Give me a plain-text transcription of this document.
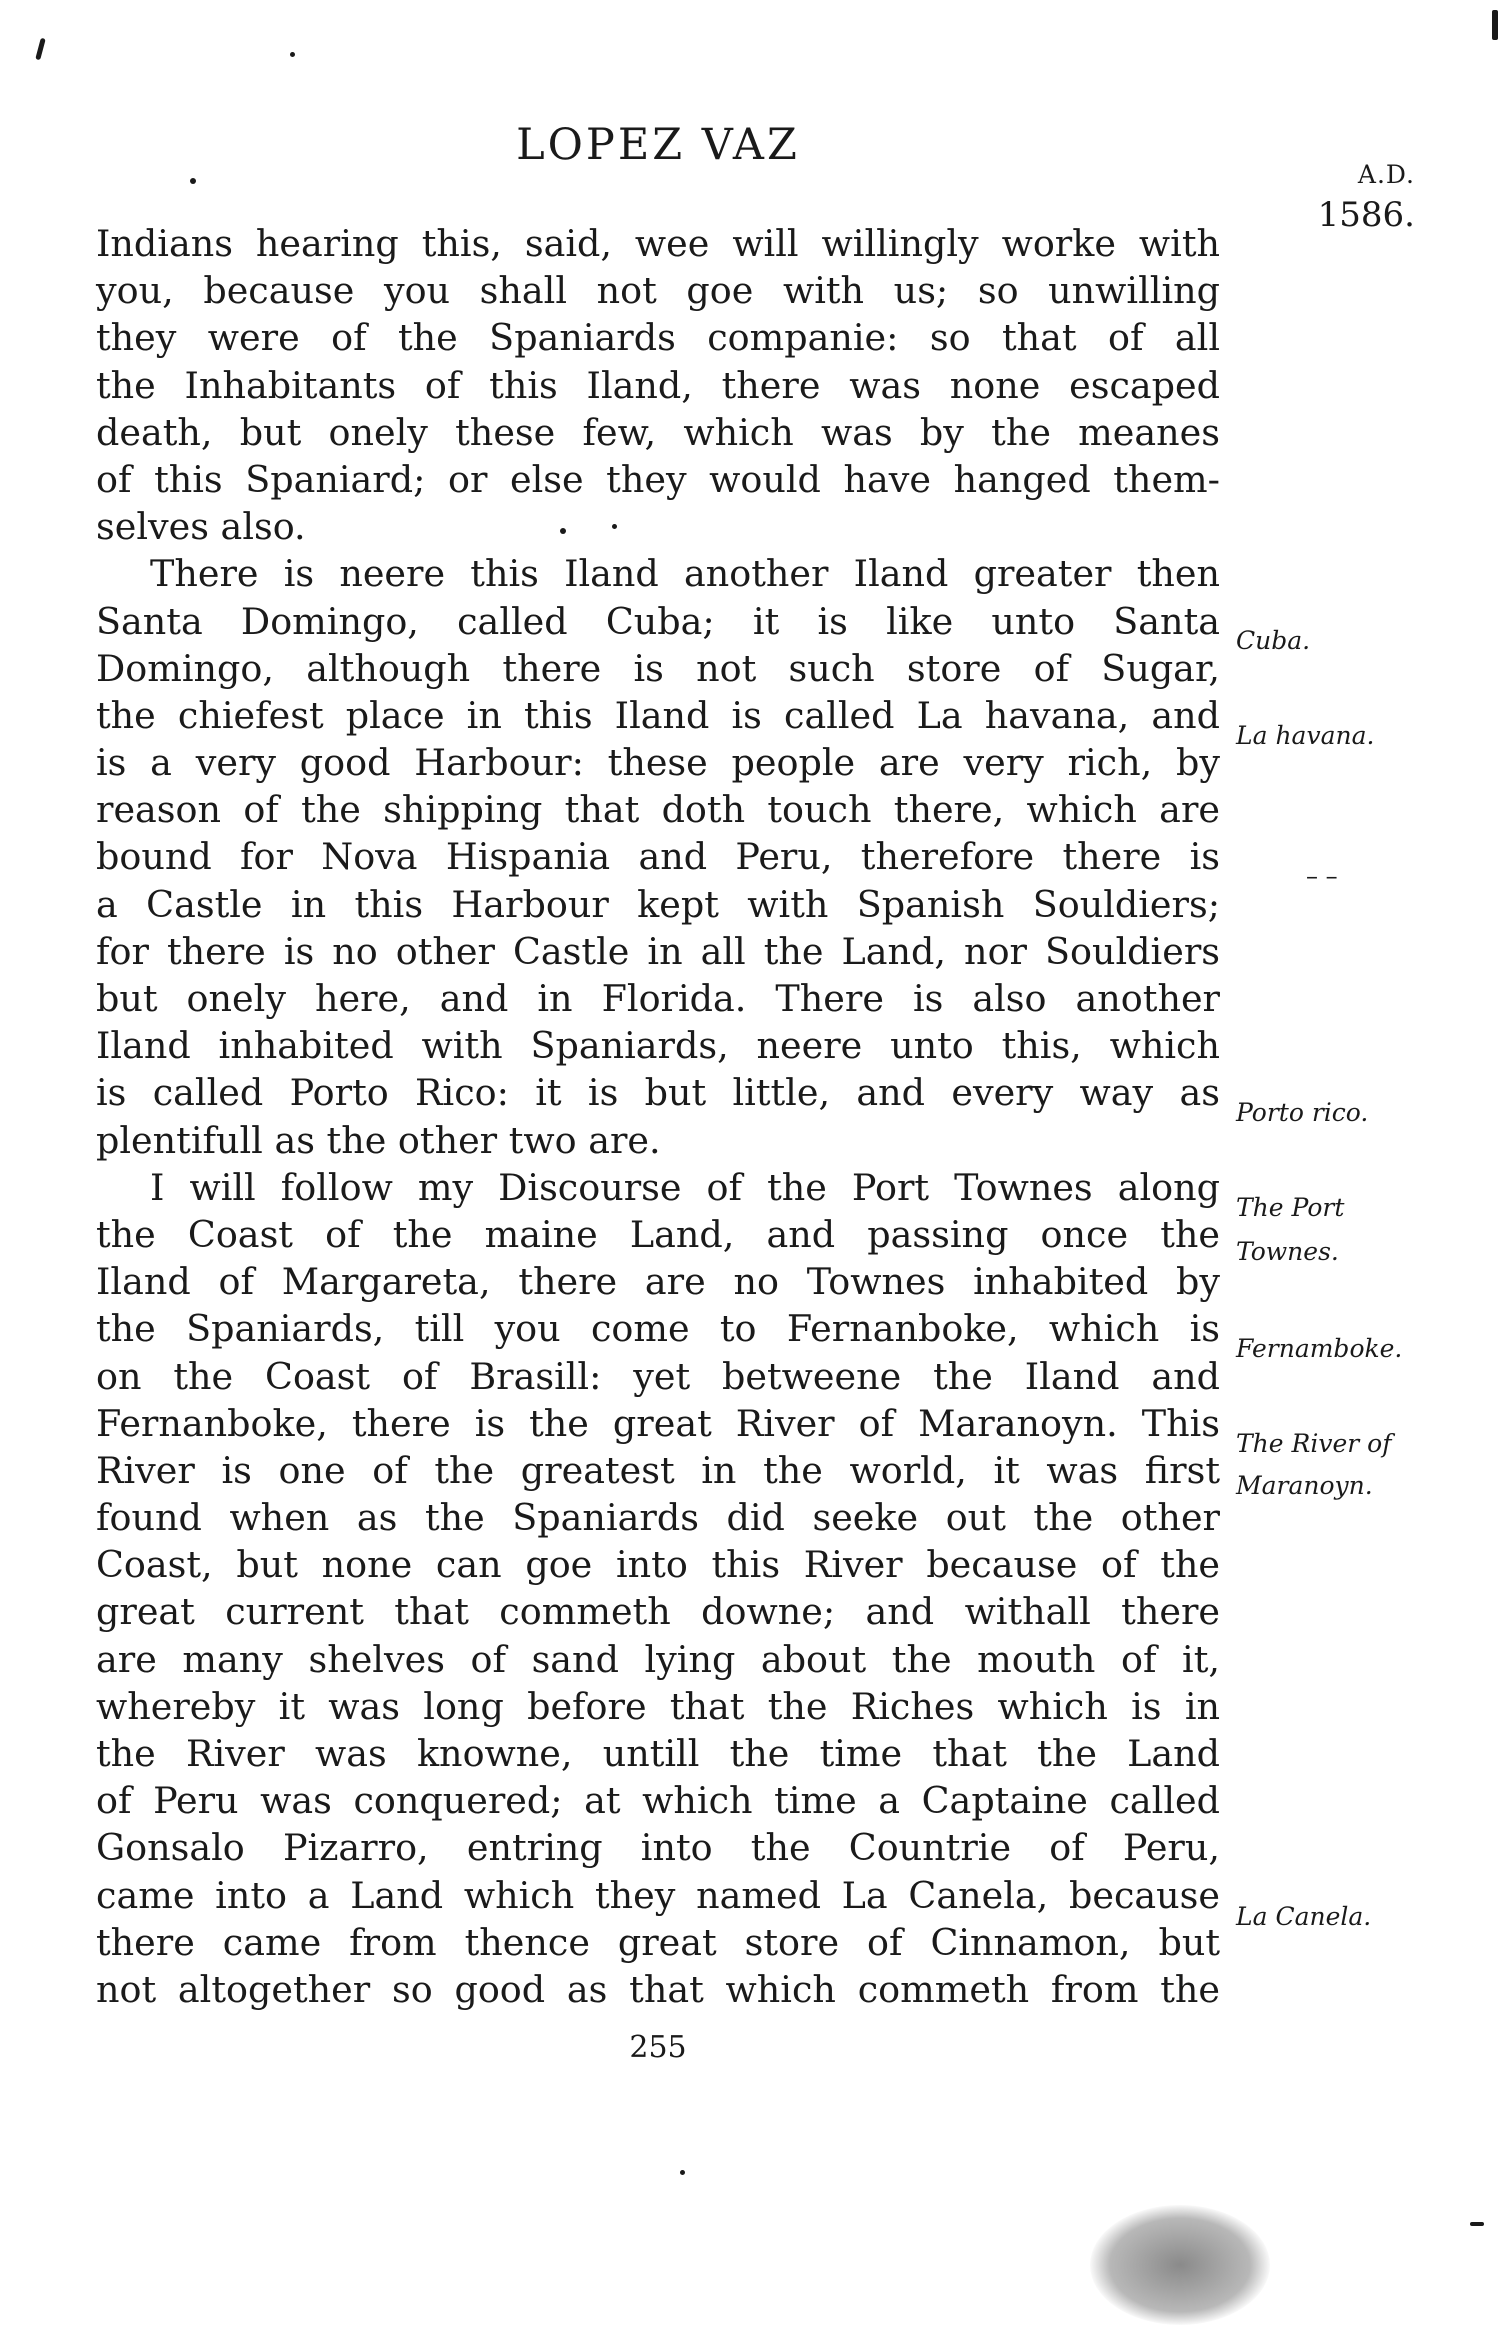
LOPEZ VAZ
A.D.
1586.
Indians hearing this, said, wee will willingly worke with
you, because you shall not goe with us; so unwilling
they were of the Spaniards companie: so that of all
the Inhabitants of this Iland, there was none escaped
death, but onely these few, which was by the meanes
of this Spaniard; or else they would have hanged them-
selves also.
There is neere this Iland another Iland greater then
Santa Domingo, called Cuba; it is like unto Santa
Domingo, although there is not such store of Sugar,
the chiefest place in this Iland is called La havana, and
is a very good Harbour: these people are very rich, by
reason of the shipping that doth touch there, which are
bound for Nova Hispania and Peru, therefore there is
a Castle in this Harbour kept with Spanish Souldiers;
for there is no other Castle in all the Land, nor Souldiers
but onely here, and in Florida. There is also another
Iland inhabited with Spaniards, neere unto this, which
is called Porto Rico: it is but little, and every way as
plentifull as the other two are.
I will follow my Discourse of the Port Townes along
the Coast of the maine Land, and passing once the
Iland of Margareta, there are no Townes inhabited by
the Spaniards, till you come to Fernanboke, which is
on the Coast of Brasill: yet betweene the Iland and
Fernanboke, there is the great River of Maranoyn. This
River is one of the greatest in the world, it was first
found when as the Spaniards did seeke out the other
Coast, but none can goe into this River because of the
great current that commeth downe; and withall there
are many shelves of sand lying about the mouth of it,
whereby it was long before that the Riches which is in
the River was knowne, untill the time that the Land
of Peru was conquered; at which time a Captaine called
Gonsalo Pizarro, entring into the Countrie of Peru,
came into a Land which they named La Canela, because
there came from thence great store of Cinnamon, but
not altogether so good as that which commeth from the
Cuba.
La havana.
– –
Porto rico.
The Port
Townes.
Fernamboke.
The River of
Maranoyn.
La Canela.
255
